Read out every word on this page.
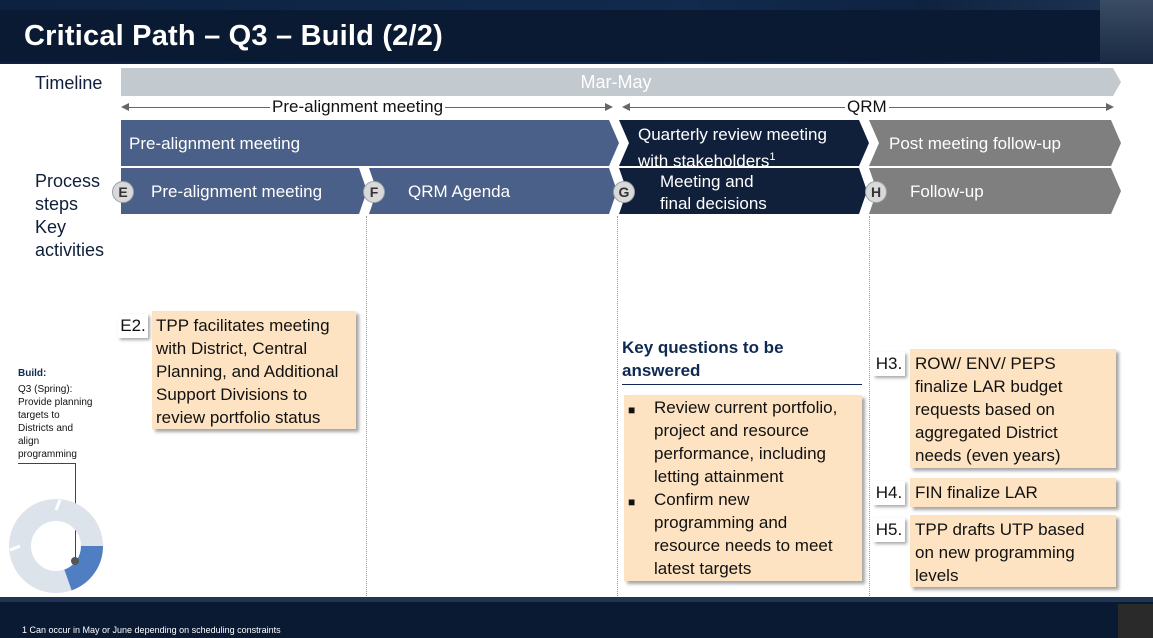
Critical Path – Q3 – Build (2/2)
Timeline
Process
steps
Key
activities
Mar-May
Pre-alignment meeting	QRM
Pre-alignment meeting	Quarterly review meeting
with stakeholders$^1$
Post meeting follow-up
E	Pre-alignment meeting	F	QRM Agenda	G
Meeting and
final decisions
H	Follow-up
E2. TPP facilitates meeting
with District, Central
Planning, and Additional
Support Divisions to
review portfolio status
Key questions to be
answered
■	Review current portfolio,
project and resource
performance, including
letting attainment
■	Confirm new
programming and
resource needs to meet
latest targets
H3. ROW/ ENV/ PEPS
finalize LAR budget
requests based on
aggregated District
needs (even years)
H4. FIN finalize LAR
H5. TPP drafts UTP based
on new programming
levels
Build:
Q3 (Spring):
Provide planning
targets to
Districts and
align
programming
1 Can occur in May or June depending on scheduling constraints
